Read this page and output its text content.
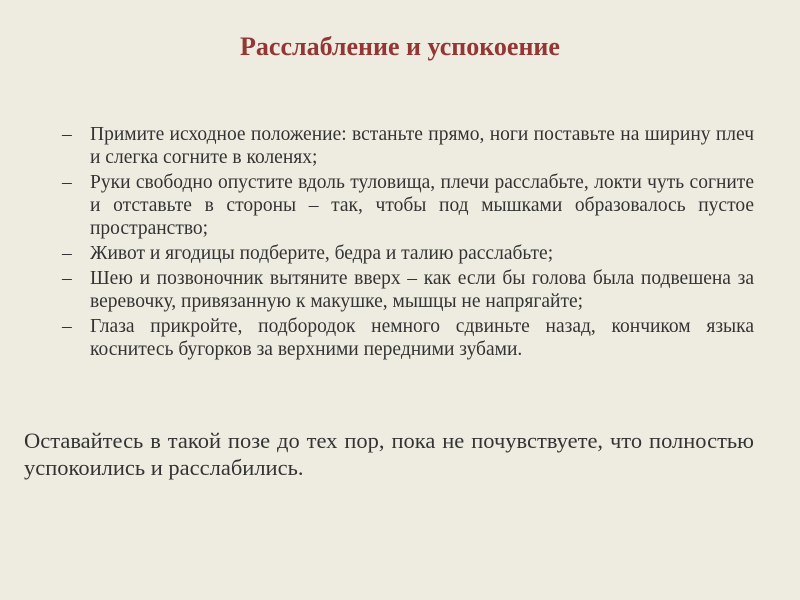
Расслабление и успокоение
– Примите исходное положение: встаньте прямо, ноги поставьте на ширину плеч и слегка согните в коленях;
– Руки свободно опустите вдоль туловища, плечи расслабьте, локти чуть согните и отставьте в стороны – так, чтобы под мышками образовалось пустое пространство;
– Живот и ягодицы подберите, бедра и талию расслабьте;
– Шею и позвоночник вытяните вверх – как если бы голова была подвешена за веревочку, привязанную к макушке, мышцы не напрягайте;
– Глаза прикройте, подбородок немного сдвиньте назад, кончиком языка коснитесь бугорков за верхними передними зубами.

Оставайтесь в такой позе до тех пор, пока не почувствуете, что полностью успокоились и расслабились.
